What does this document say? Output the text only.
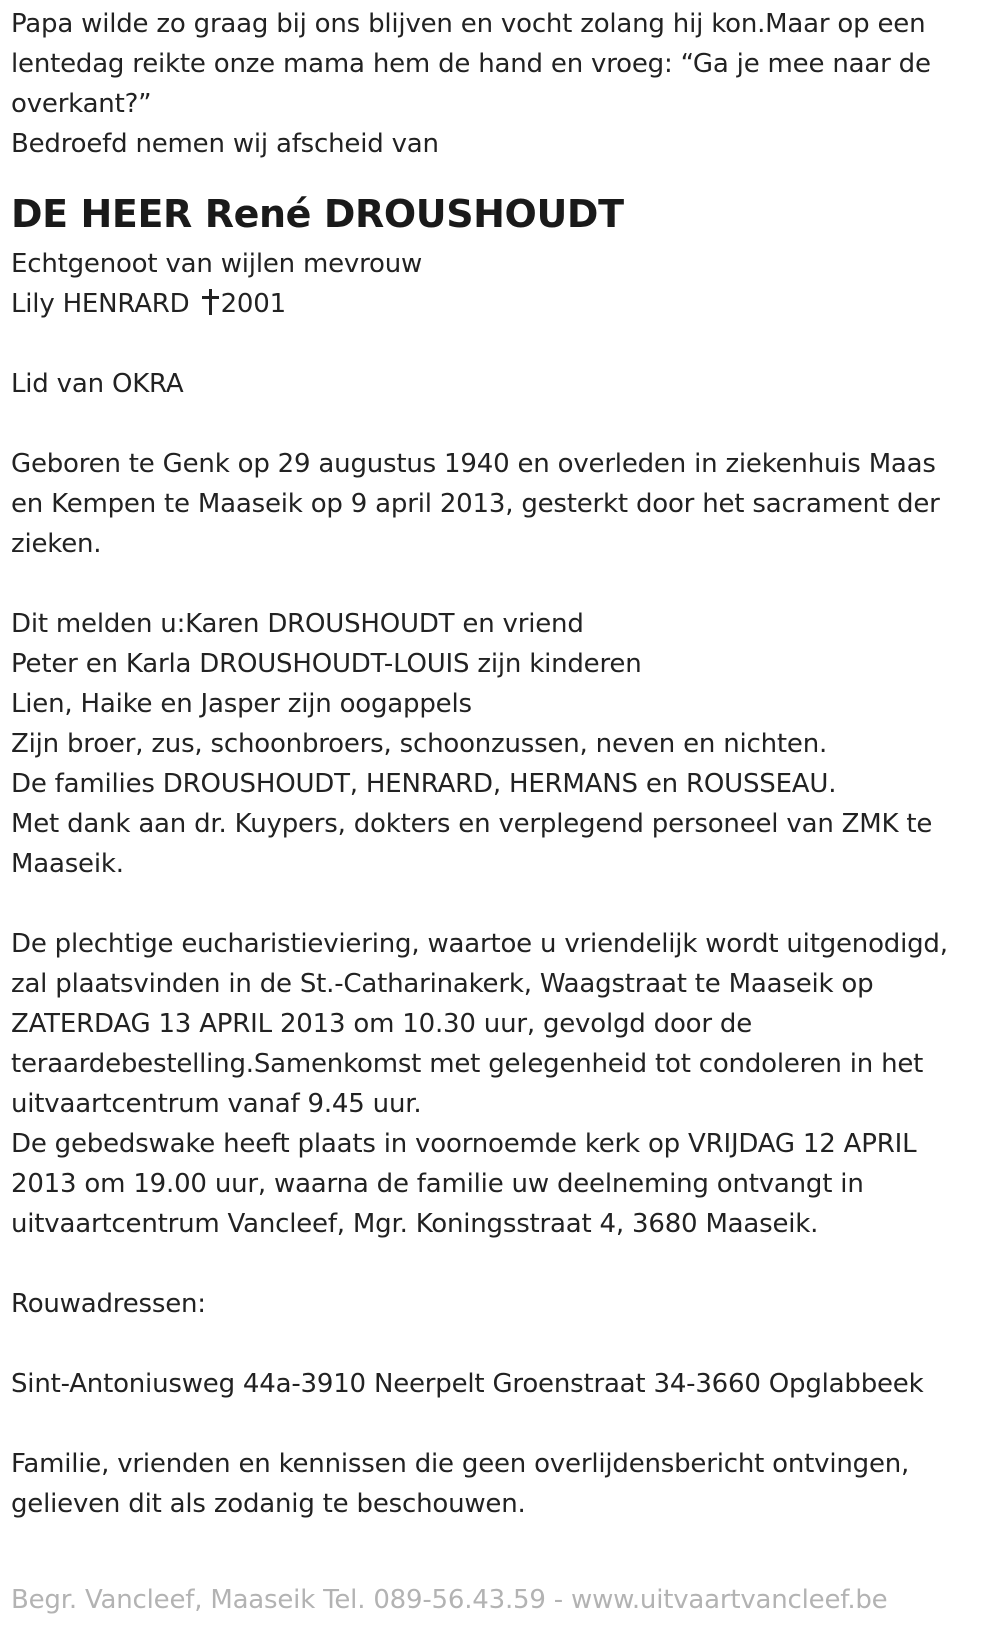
Papa wilde zo graag bij ons blijven en vocht zolang hij kon.Maar op een
lentedag reikte onze mama hem de hand en vroeg: “Ga je mee naar de
overkant?”
Bedroefd nemen wij afscheid van
DE HEER René DROUSHOUDT
Echtgenoot van wijlen mevrouw
Lily HENRARD 2001
Lid van OKRA
Geboren te Genk op 29 augustus 1940 en overleden in ziekenhuis Maas
en Kempen te Maaseik op 9 april 2013, gesterkt door het sacrament der
zieken.
Dit melden u:Karen DROUSHOUDT en vriend
Peter en Karla DROUSHOUDT-LOUIS zijn kinderen
Lien, Haike en Jasper zijn oogappels
Zijn broer, zus, schoonbroers, schoonzussen, neven en nichten.
De families DROUSHOUDT, HENRARD, HERMANS en ROUSSEAU.
Met dank aan dr. Kuypers, dokters en verplegend personeel van ZMK te
Maaseik.
De plechtige eucharistieviering, waartoe u vriendelijk wordt uitgenodigd,
zal plaatsvinden in de St.-Catharinakerk, Waagstraat te Maaseik op
ZATERDAG 13 APRIL 2013 om 10.30 uur, gevolgd door de
teraardebestelling.Samenkomst met gelegenheid tot condoleren in het
uitvaartcentrum vanaf 9.45 uur.
De gebedswake heeft plaats in voornoemde kerk op VRIJDAG 12 APRIL
2013 om 19.00 uur, waarna de familie uw deelneming ontvangt in
uitvaartcentrum Vancleef, Mgr. Koningsstraat 4, 3680 Maaseik.
Rouwadressen:
Sint-Antoniusweg 44a-3910 Neerpelt Groenstraat 34-3660 Opglabbeek
Familie, vrienden en kennissen die geen overlijdensbericht ontvingen,
gelieven dit als zodanig te beschouwen.
Begr. Vancleef, Maaseik Tel. 089-56.43.59 - www.uitvaartvancleef.be
